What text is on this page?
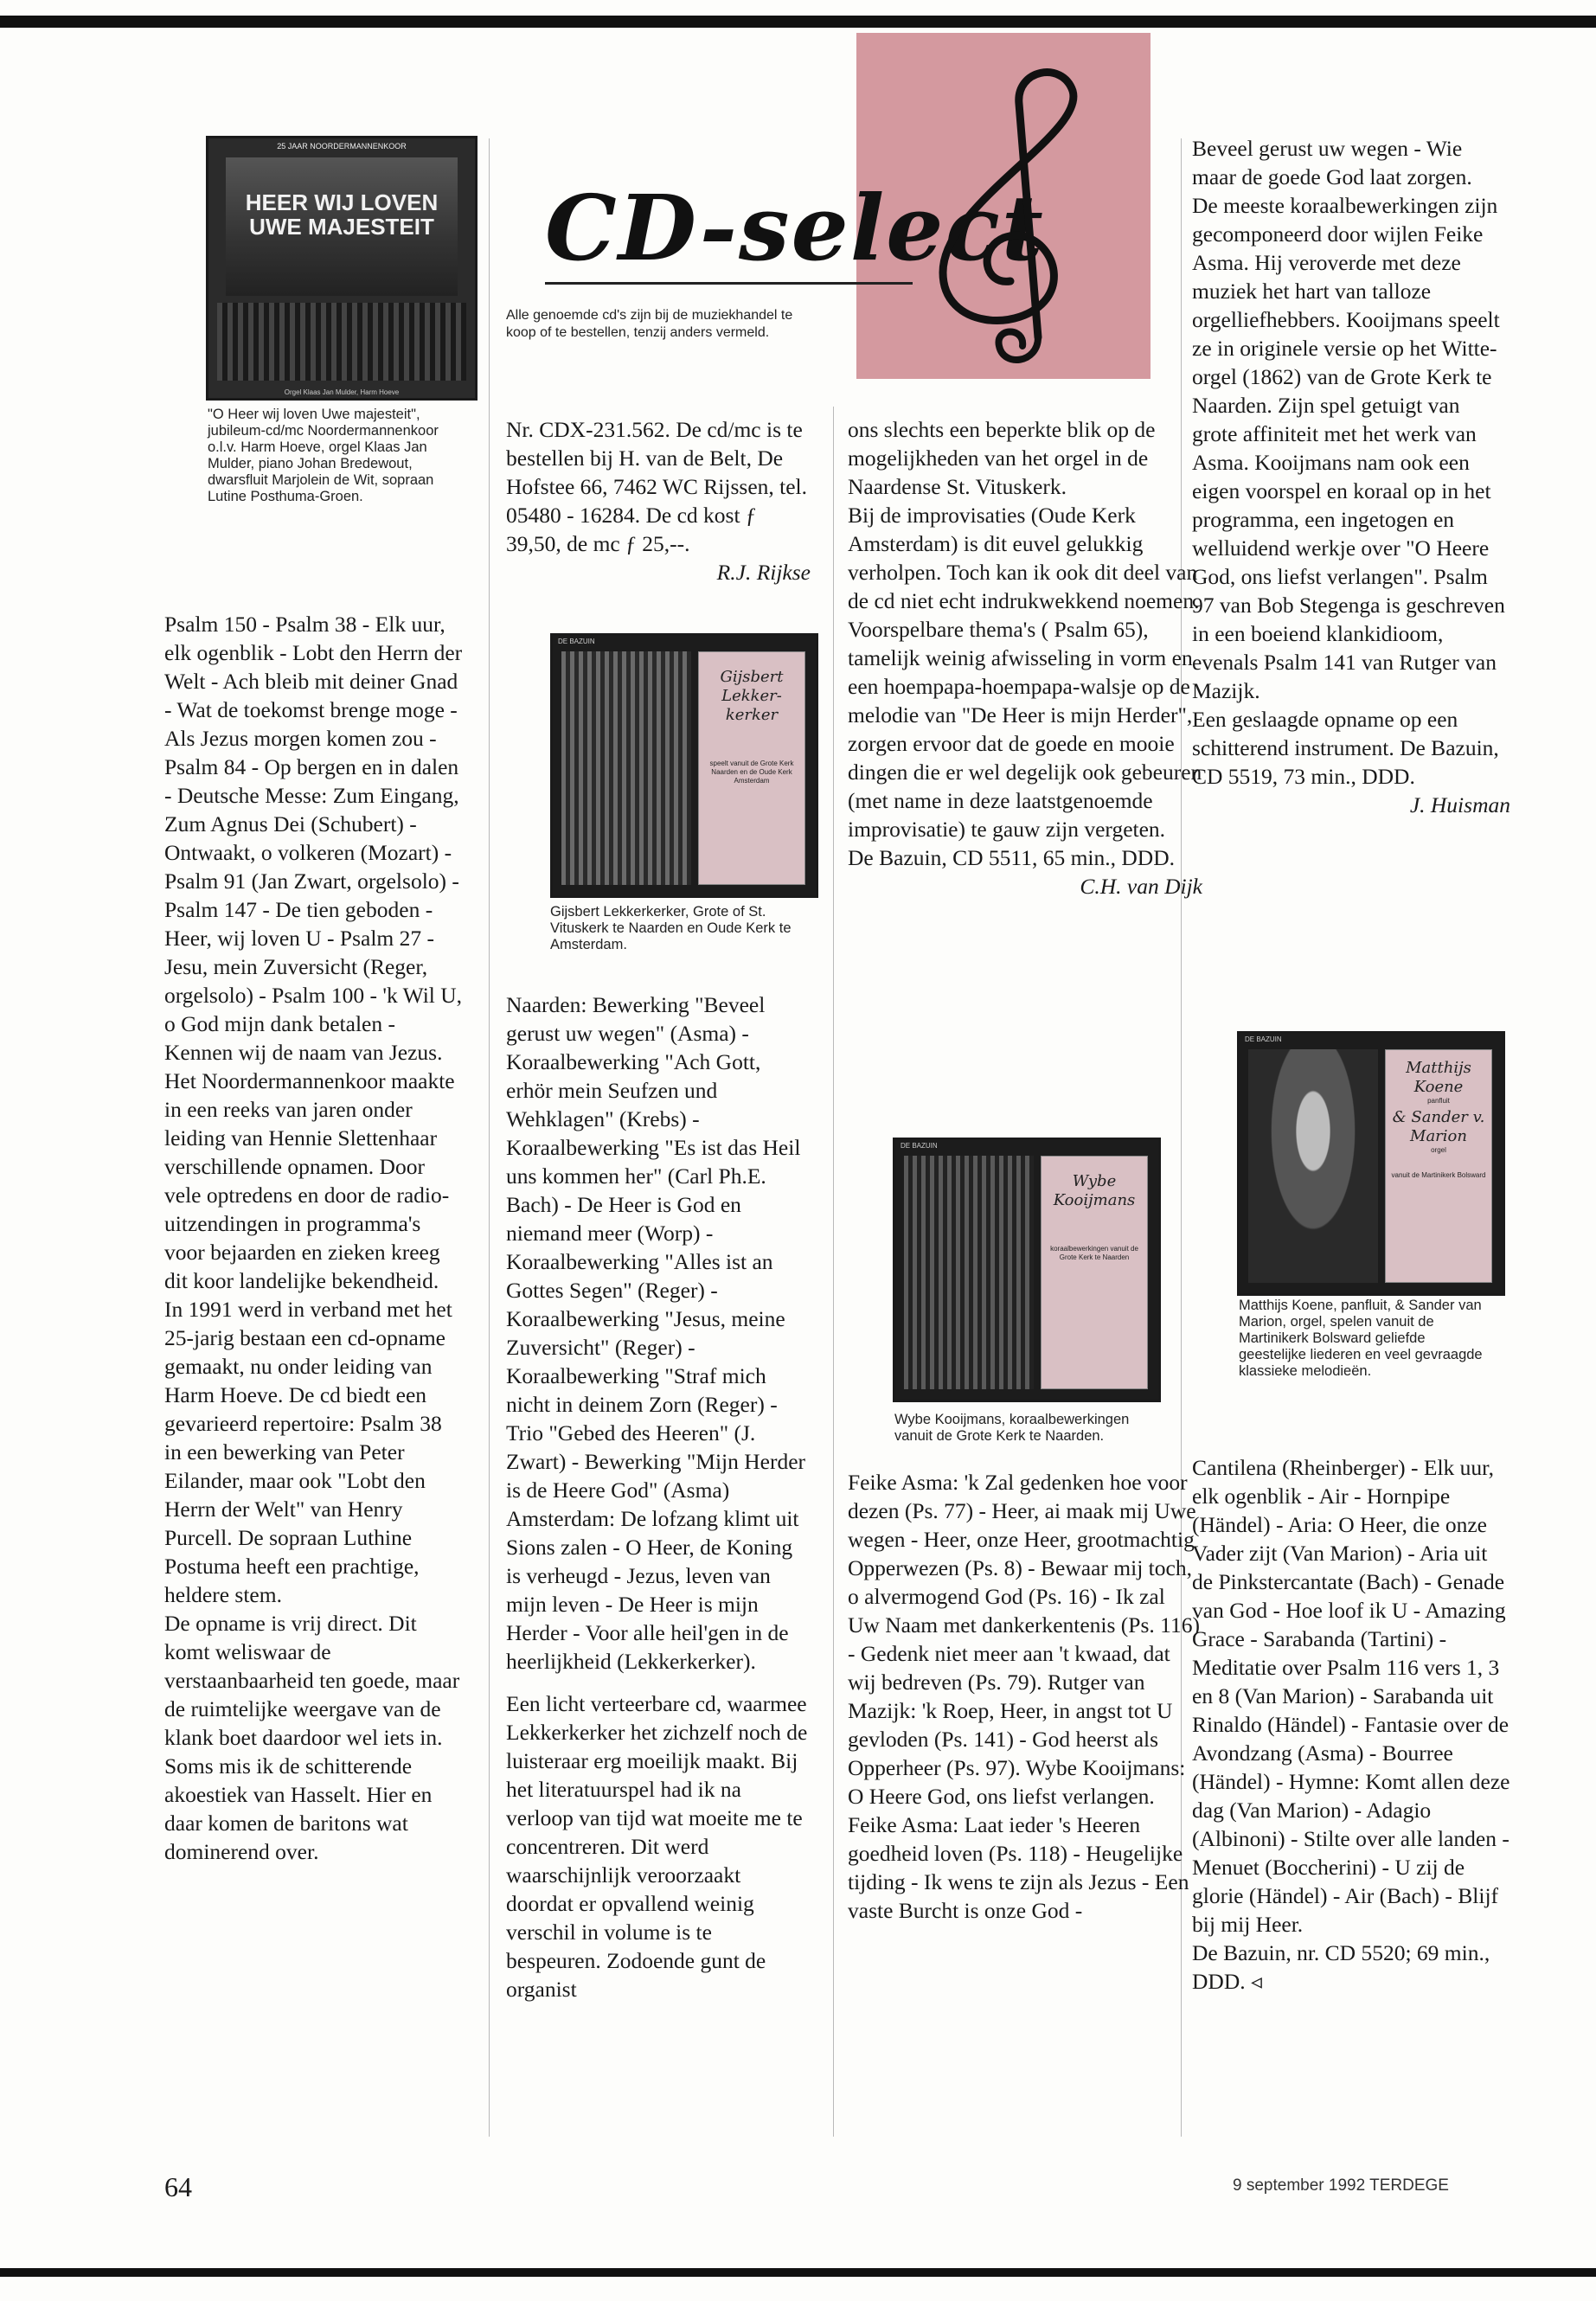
CD-select
Alle genoemde cd's zijn bij de muziekhandel te koop of te bestellen, tenzij anders vermeld.
25 JAAR NOORDERMANNENKOOR
HEER WIJ LOVEN UWE MAJESTEIT
Orgel Klaas Jan Mulder, Harm Hoeve
"O Heer wij loven Uwe majesteit", jubileum-cd/mc Noordermannenkoor o.l.v. Harm Hoeve, orgel Klaas Jan Mulder, piano Johan Bredewout, dwarsfluit Marjolein de Wit, sopraan Lutine Posthuma-Groen.

Psalm 150 - Psalm 38 - Elk uur, elk ogenblik - Lobt den Herrn der Welt - Ach bleib mit deiner Gnad - Wat de toekomst brenge moge - Als Jezus morgen komen zou - Psalm 84 - Op bergen en in dalen - Deutsche Messe: Zum Eingang, Zum Agnus Dei (Schubert) - Ontwaakt, o volkeren (Mozart) - Psalm 91 (Jan Zwart, orgelsolo) - Psalm 147 - De tien geboden - Heer, wij loven U - Psalm 27 - Jesu, mein Zuversicht (Reger, orgelsolo) - Psalm 100 - 'k Wil U, o God mijn dank betalen - Kennen wij de naam van Jezus.
Het Noordermannenkoor maakte in een reeks van jaren onder leiding van Hennie Slettenhaar verschillende opnamen. Door vele optredens en door de radio-uitzendingen in programma's voor bejaarden en zieken kreeg dit koor landelijke bekendheid.
In 1991 werd in verband met het 25-jarig bestaan een cd-opname gemaakt, nu onder leiding van Harm Hoeve. De cd biedt een gevarieerd repertoire: Psalm 38 in een bewerking van Peter Eilander, maar ook "Lobt den Herrn der Welt" van Henry Purcell. De sopraan Luthine Postuma heeft een prachtige, heldere stem.
De opname is vrij direct. Dit komt weliswaar de verstaanbaarheid ten goede, maar de ruimtelijke weergave van de klank boet daardoor wel iets in. Soms mis ik de schitterende akoestiek van Hasselt. Hier en daar komen de baritons wat dominerend over.

Nr. CDX-231.562. De cd/mc is te bestellen bij H. van de Belt, De Hofstee 66, 7462 WC Rijssen, tel. 05480 - 16284. De cd kost ƒ 39,50, de mc ƒ 25,--.

R.J. Rijkse

DE BAZUIN
Gijsbert Lekker-kerker
speelt vanuit de Grote Kerk Naarden en de Oude Kerk Amsterdam
Gijsbert Lekkerkerker, Grote of St. Vituskerk te Naarden en Oude Kerk te Amsterdam.

Naarden: Bewerking "Beveel gerust uw wegen" (Asma) - Koraalbewerking "Ach Gott, erhör mein Seufzen und Wehklagen" (Krebs) - Koraalbewerking "Es ist das Heil uns kommen her" (Carl Ph.E. Bach) - De Heer is God en niemand meer (Worp) - Koraalbewerking "Alles ist an Gottes Segen" (Reger) - Koraalbewerking "Jesus, meine Zuversicht" (Reger) - Koraalbewerking "Straf mich nicht in deinem Zorn (Reger) - Trio "Gebed des Heeren" (J. Zwart) - Bewerking "Mijn Herder is de Heere God" (Asma) Amsterdam: De lofzang klimt uit Sions zalen - O Heer, de Koning is verheugd - Jezus, leven van mijn leven - De Heer is mijn Herder - Voor alle heil'gen in de heerlijkheid (Lekkerkerker).

Een licht verteerbare cd, waarmee Lekkerkerker het zichzelf noch de luisteraar erg moeilijk maakt. Bij het literatuurspel had ik na verloop van tijd wat moeite me te concentreren. Dit werd waarschijnlijk veroorzaakt doordat er opvallend weinig verschil in volume is te bespeuren. Zodoende gunt de organist

ons slechts een beperkte blik op de mogelijkheden van het orgel in de Naardense St. Vituskerk.
Bij de improvisaties (Oude Kerk Amsterdam) is dit euvel gelukkig verholpen. Toch kan ik ook dit deel van de cd niet echt indrukwekkend noemen. Voorspelbare thema's ( Psalm 65), tamelijk weinig afwisseling in vorm en een hoempapa-hoempapa-walsje op de melodie van "De Heer is mijn Herder", zorgen ervoor dat de goede en mooie dingen die er wel degelijk ook gebeuren (met name in deze laatstgenoemde improvisatie) te gauw zijn vergeten.
De Bazuin, CD 5511, 65 min., DDD.

C.H. van Dijk

DE BAZUIN
Wybe Kooijmans
koraalbewerkingen vanuit de Grote Kerk te Naarden
Wybe Kooijmans, koraalbewerkingen vanuit de Grote Kerk te Naarden.

Feike Asma: 'k Zal gedenken hoe voor dezen (Ps. 77) - Heer, ai maak mij Uwe wegen - Heer, onze Heer, grootmachtig Opperwezen (Ps. 8) - Bewaar mij toch, o alvermogend God (Ps. 16) - Ik zal Uw Naam met dankerkentenis (Ps. 116) - Gedenk niet meer aan 't kwaad, dat wij bedreven (Ps. 79). Rutger van Mazijk: 'k Roep, Heer, in angst tot U gevloden (Ps. 141) - God heerst als Opperheer (Ps. 97). Wybe Kooijmans: O Heere God, ons liefst verlangen. Feike Asma: Laat ieder 's Heeren goedheid loven (Ps. 118) - Heugelijke tijding - Ik wens te zijn als Jezus - Een vaste Burcht is onze God -

Beveel gerust uw wegen - Wie maar de goede God laat zorgen.
De meeste koraalbewerkingen zijn gecomponeerd door wijlen Feike Asma. Hij veroverde met deze muziek het hart van talloze orgelliefhebbers. Kooijmans speelt ze in originele versie op het Witte-orgel (1862) van de Grote Kerk te Naarden. Zijn spel getuigt van grote affiniteit met het werk van Asma. Kooijmans nam ook een eigen voorspel en koraal op in het programma, een ingetogen en welluidend werkje over "O Heere God, ons liefst verlangen". Psalm 97 van Bob Stegenga is geschreven in een boeiend klankidioom, evenals Psalm 141 van Rutger van Mazijk.
Een geslaagde opname op een schitterend instrument. De Bazuin, CD 5519, 73 min., DDD.

J. Huisman

DE BAZUIN
Matthijs Koene
panfluit
& Sander v. Marion
orgel
vanuit de Martinikerk Bolsward
Matthijs Koene, panfluit, & Sander van Marion, orgel, spelen vanuit de Martinikerk Bolsward geliefde geestelijke liederen en veel gevraagde klassieke melodieën.

Cantilena (Rheinberger) - Elk uur, elk ogenblik - Air - Hornpipe (Händel) - Aria: O Heer, die onze Vader zijt (Van Marion) - Aria uit de Pinkstercantate (Bach) - Genade van God - Hoe loof ik U - Amazing Grace - Sarabanda (Tartini) - Meditatie over Psalm 116 vers 1, 3 en 8 (Van Marion) - Sarabanda uit Rinaldo (Händel) - Fantasie over de Avondzang (Asma) - Bourree (Händel) - Hymne: Komt allen deze dag (Van Marion) - Adagio (Albinoni) - Stilte over alle landen - Menuet (Boccherini) - U zij de glorie (Händel) - Air (Bach) - Blijf bij mij Heer.
De Bazuin, nr. CD 5520; 69 min., DDD. ◃

64	9 september 1992 TERDEGE
